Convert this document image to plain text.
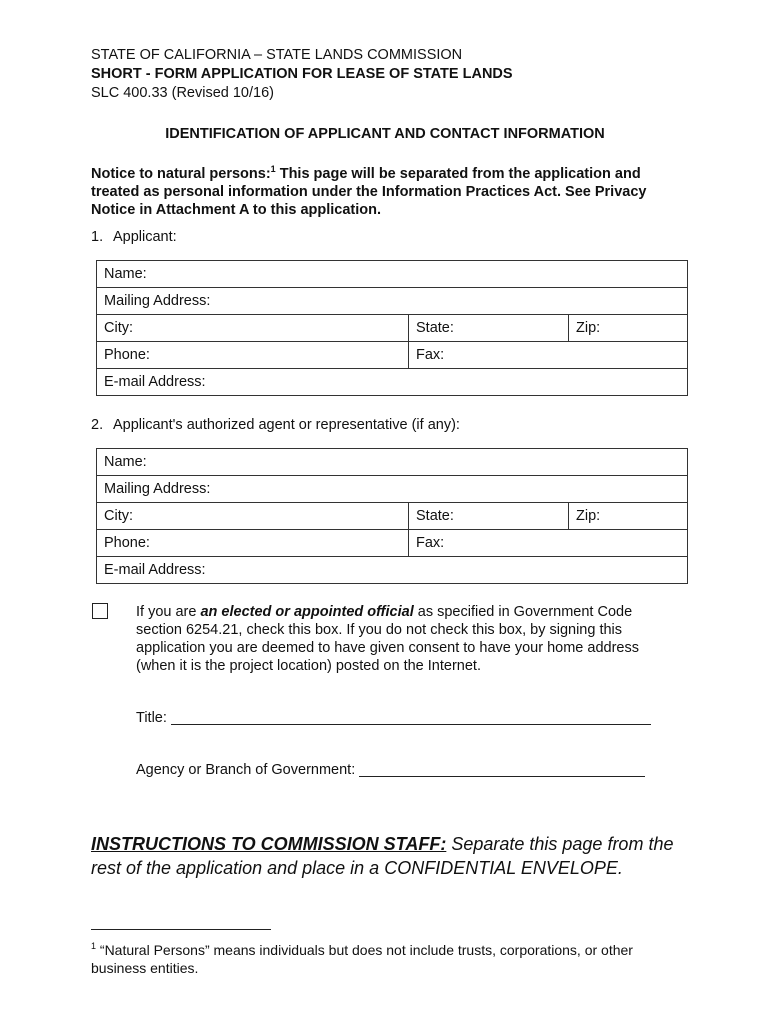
STATE OF CALIFORNIA – STATE LANDS COMMISSION
SHORT - FORM APPLICATION FOR LEASE OF STATE LANDS
SLC 400.33 (Revised 10/16)
IDENTIFICATION OF APPLICANT AND CONTACT INFORMATION
Notice to natural persons:$^1$ This page will be separated from the application and treated as personal information under the Information Practices Act. See Privacy Notice in Attachment A to this application.
1. Applicant:
Name:		
Mailing Address:		
City:	State:	Zip:
Phone:	Fax:	
E-mail Address:		
2. Applicant's authorized agent or representative (if any):
Name:		
Mailing Address:		
City:	State:	Zip:
Phone:	Fax:	
E-mail Address:		
If you are an elected or appointed official as specified in Government Code section 6254.21, check this box. If you do not check this box, by signing this application you are deemed to have given consent to have your home address (when it is the project location) posted on the Internet.
Title:
Agency or Branch of Government:
INSTRUCTIONS TO COMMISSION STAFF: Separate this page from the rest of the application and place in a CONFIDENTIAL ENVELOPE.
$^1$ “Natural Persons” means individuals but does not include trusts, corporations, or other business entities.
